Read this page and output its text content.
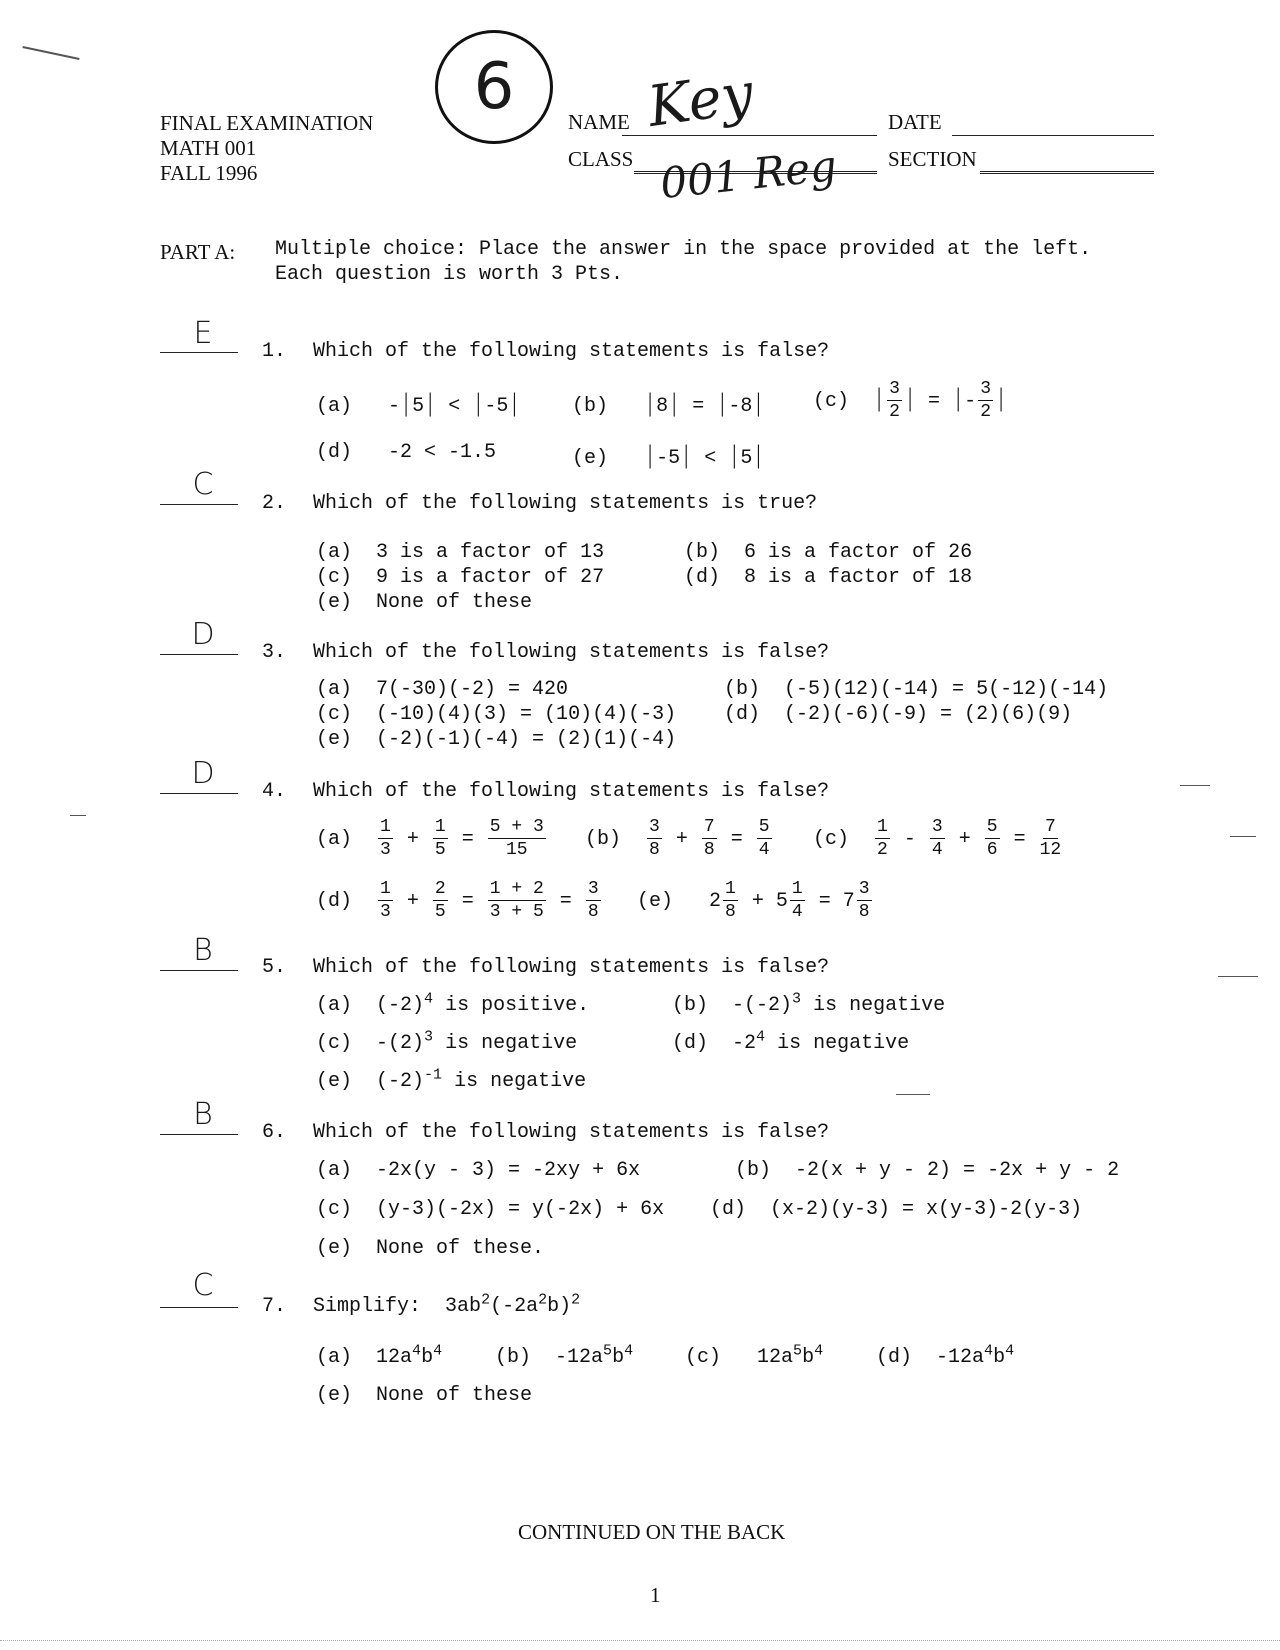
FINAL EXAMINATION
MATH 001
FALL 1996
6	NAME Key	DATE
CLASS 001 Reg SECTION
PART A: Multiple choice: Place the answer in the space provided at the left.
Each question is worth 3 Pts.
E
1. Which of the following statements is false?
(a) -| 5| < | -5|	(b) | 8| = | -8|	(c) | $\frac{3}{2}$ | = | - $\frac{3}{2}$ |
(d) -2 < -1.5	(e) | -5| < | 5|
C
2. Which of the following statements is true?
(a) 3 is a factor of 13	(b) 6 is a factor of 26
(c) 9 is a factor of 27	(d) 8 is a factor of 18
(e) None of these
D
3. Which of the following statements is false?
(a) 7(-30)(-2) = 420	(b) (-5)(12)(-14) = 5(-12)(-14)
(c) (-10)(4)(3) = (10)(4)(-3) (d) (-2)(-6)(-9) = (2)(6)(9)
(e) (-2)(-1)(-4) = (2)(1)(-4)
D
4. Which of the following statements is false?
$(a) \frac{1}{3} + \frac{1}{5} = \frac{5 + 3}{15} (b) \frac{3}{8} + \frac{7}{8} = \frac{5}{4} (c) \frac{1}{2} - \frac{3}{4} + \frac{5}{6} = \frac{7}{12}$
$(d) \frac{1}{3} + \frac{2}{5} = \frac{1 + 2}{3 + 5} = \frac{3}{8} (e)$ $2 \frac{1}{8} + 5 \frac{1}{4} = 7 \frac{3}{8}$
B	5. Which of the following statements is false?
(a) $(-2)^4$ is positive.	(b) $-(-2)^3$ is negative
(c) $-(2)^3$ is negative	(d) $-2^4$ is negative
(e) $(-2)^{-1}$ is negative
B
6. Which of the following statements is false?
(a) -2x(y - 3) = -2xy + 6x	(b) -2(x + y - 2) = -2x + y - 2
(c) (y-3)(-2x) = y(-2x) + 6x (d) (x-2)(y-3) = x(y-3)-2(y-3)
(e) None of these.
C
7. Simplify: $3ab^2(-2a^2b)^2$
(a) $12a^4b^4$	(b) $-12a^5b^4$	(c) $12a^5b^4$	(d) $-12a^4b^4$
(e) None of these
CONTINUED ON THE BACK
1
